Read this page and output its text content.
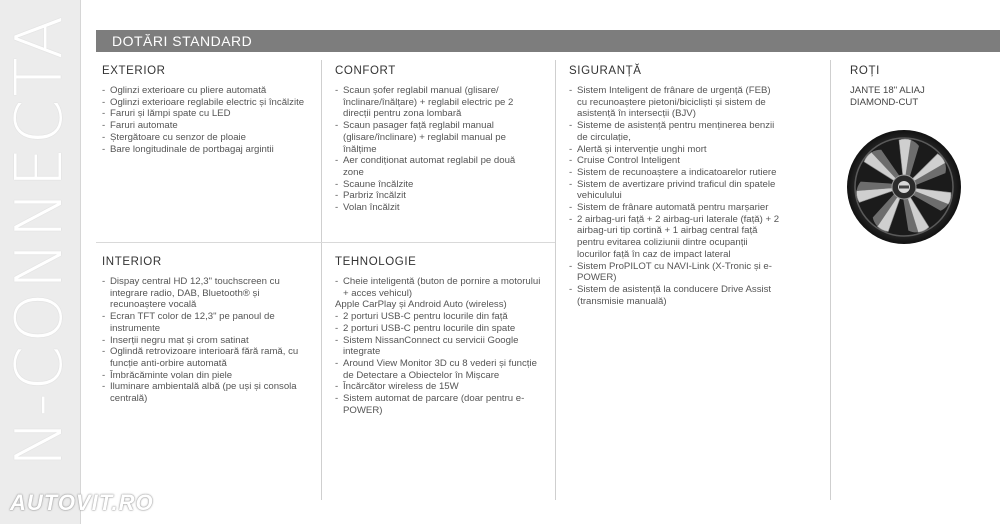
N-CONNECTA
AUTOVIT.RO
DOTĂRI STANDARD
EXTERIOR
- Oglinzi exterioare cu pliere automată
- Oglinzi exterioare reglabile electric și încălzite
- Faruri și lămpi spate cu LED
- Faruri automate
- Ștergătoare cu senzor de ploaie
- Bare longitudinale de portbagaj argintii
CONFORT
- Scaun șofer reglabil manual (glisare/ înclinare/înălțare) + reglabil electric pe 2 direcții pentru zona lombară
- Scaun pasager față reglabil manual (glisare/înclinare) + reglabil manual pe înălțime
- Aer condiționat automat reglabil pe două zone
- Scaune încălzite
- Parbriz încălzit
- Volan încălzit
SIGURANȚĂ
- Sistem Inteligent de frânare de urgență (FEB) cu recunoaștere pietoni/bicicliști și sistem de asistență în intersecții (BJV)
- Sisteme de asistență pentru menținerea benzii de circulație,
- Alertă și intervenție unghi mort
- Cruise Control Inteligent
- Sistem de recunoaștere a indicatoarelor rutiere
- Sistem de avertizare privind traficul din spatele vehiculului
- Sistem de frânare automată pentru marșarier
- 2 airbag-uri față + 2 airbag-uri laterale (față) + 2 airbag-uri tip cortină + 1 airbag central față pentru evitarea coliziunii dintre ocupanții locurilor față în caz de impact lateral
- Sistem ProPILOT cu NAVI-Link (X-Tronic și e-POWER)
- Sistem de asistență la conducere Drive Assist (transmisie manuală)
ROȚI

JANTE 18" ALIAJ

DIAMOND-CUT

INTERIOR
- Dispay central HD 12,3" touchscreen cu integrare radio, DAB, Bluetooth® și recunoaștere vocală
- Ecran TFT color de 12,3" pe panoul de instrumente
- Inserții negru mat și crom satinat
- Oglindă retrovizoare interioară fără ramă, cu funcție anti-orbire automată
- Îmbrăcăminte volan din piele
- Iluminare ambientală albă (pe uși și consola centrală)
TEHNOLOGIE
- Cheie inteligentă (buton de pornire a motorului + acces vehicul)
Apple CarPlay și Android Auto (wireless)
- 2 porturi USB-C pentru locurile din față
- 2 porturi USB-C pentru locurile din spate
- Sistem NissanConnect cu servicii Google integrate
- Around View Monitor 3D cu 8 vederi și funcție de Detectare a Obiectelor în Mișcare
- Încărcător wireless de 15W
- Sistem automat de parcare (doar pentru e-POWER)
